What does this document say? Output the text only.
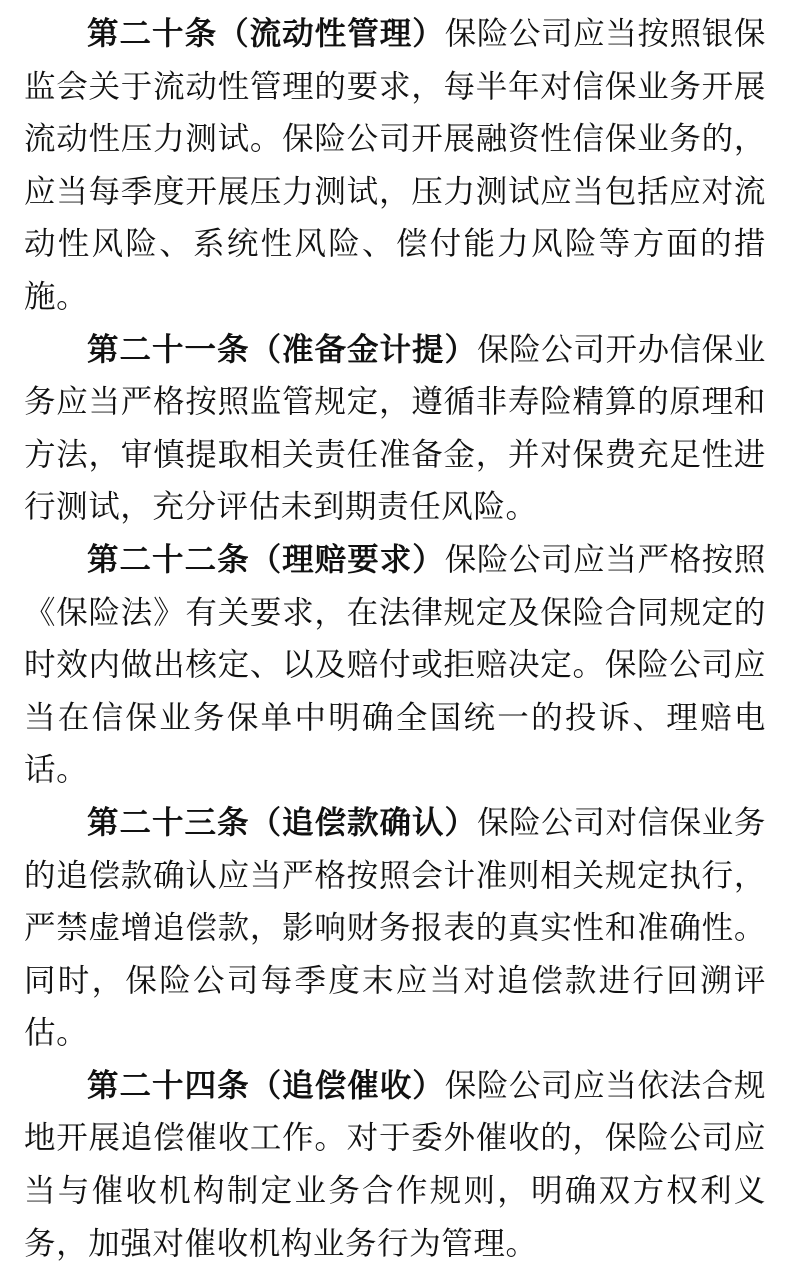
第二十条（流动性管理）保险公司应当按照银保监会关于流动性管理的要求，每半年对信保业务开展流动性压力测试。保险公司开展融资性信保业务的，应当每季度开展压力测试，压力测试应当包括应对流动性风险、系统性风险、偿付能力风险等方面的措施。

第二十一条（准备金计提）保险公司开办信保业务应当严格按照监管规定，遵循非寿险精算的原理和方法，审慎提取相关责任准备金，并对保费充足性进行测试，充分评估未到期责任风险。

第二十二条（理赔要求）保险公司应当严格按照《保险法》有关要求，在法律规定及保险合同规定的时效内做出核定、以及赔付或拒赔决定。保险公司应当在信保业务保单中明确全国统一的投诉、理赔电话。

第二十三条（追偿款确认）保险公司对信保业务的追偿款确认应当严格按照会计准则相关规定执行，严禁虚增追偿款，影响财务报表的真实性和准确性。同时，保险公司每季度末应当对追偿款进行回溯评估。

第二十四条（追偿催收）保险公司应当依法合规地开展追偿催收工作。对于委外催收的，保险公司应当与催收机构制定业务合作规则，明确双方权利义务，加强对催收机构业务行为管理。
